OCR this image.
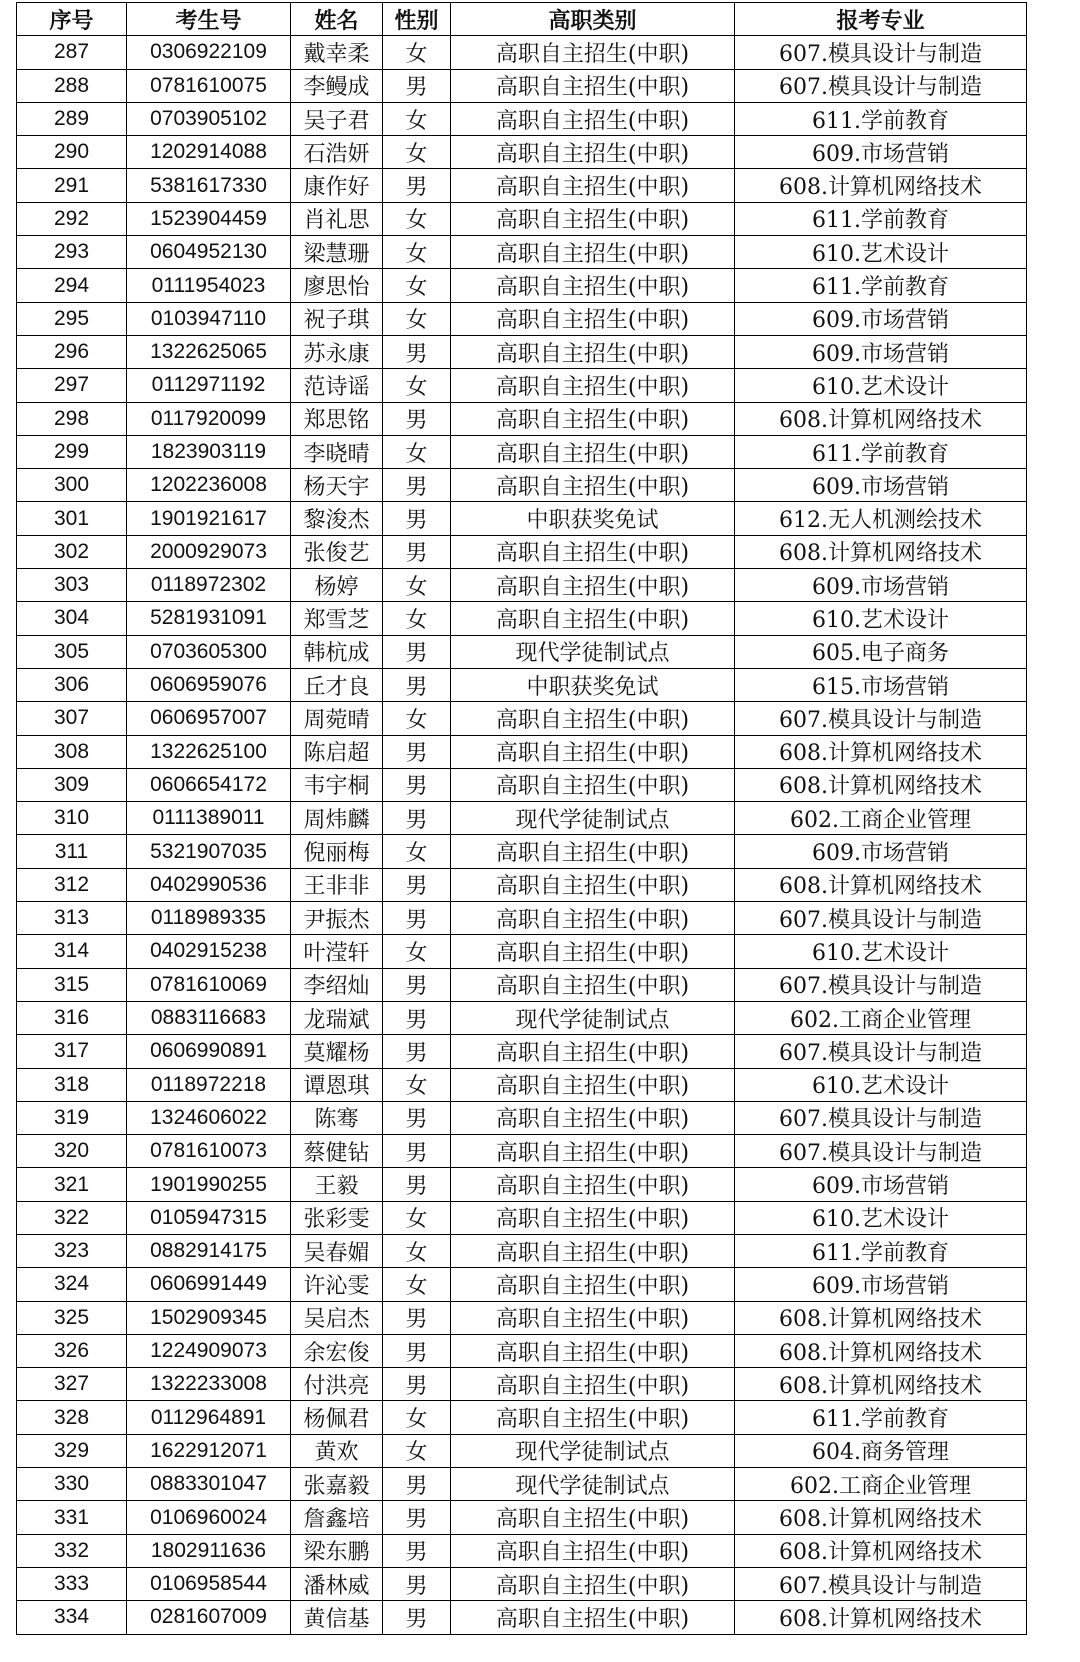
序号	考生号	姓名	性别	高职类别	报考专业
287	0306922109	戴幸柔	女	高职自主招生(中职)	607.模具设计与制造
288	0781610075	李鳗成	男	高职自主招生(中职)	607.模具设计与制造
289	0703905102	吴子君	女	高职自主招生(中职)	611.学前教育
290	1202914088	石浩妍	女	高职自主招生(中职)	609.市场营销
291	5381617330	康作好	男	高职自主招生(中职)	608.计算机网络技术
292	1523904459	肖礼思	女	高职自主招生(中职)	611.学前教育
293	0604952130	梁慧珊	女	高职自主招生(中职)	610.艺术设计
294	0111954023	廖思怡	女	高职自主招生(中职)	611.学前教育
295	0103947110	祝子琪	女	高职自主招生(中职)	609.市场营销
296	1322625065	苏永康	男	高职自主招生(中职)	609.市场营销
297	0112971192	范诗谣	女	高职自主招生(中职)	610.艺术设计
298	0117920099	郑思铭	男	高职自主招生(中职)	608.计算机网络技术
299	1823903119	李晓晴	女	高职自主招生(中职)	611.学前教育
300	1202236008	杨天宇	男	高职自主招生(中职)	609.市场营销
301	1901921617	黎浚杰	男	中职获奖免试	612.无人机测绘技术
302	2000929073	张俊艺	男	高职自主招生(中职)	608.计算机网络技术
303	0118972302	杨婷	女	高职自主招生(中职)	609.市场营销
304	5281931091	郑雪芝	女	高职自主招生(中职)	610.艺术设计
305	0703605300	韩杭成	男	现代学徒制试点	605.电子商务
306	0606959076	丘才良	男	中职获奖免试	615.市场营销
307	0606957007	周菀晴	女	高职自主招生(中职)	607.模具设计与制造
308	1322625100	陈启超	男	高职自主招生(中职)	608.计算机网络技术
309	0606654172	韦宇桐	男	高职自主招生(中职)	608.计算机网络技术
310	0111389011	周炜麟	男	现代学徒制试点	602.工商企业管理
311	5321907035	倪丽梅	女	高职自主招生(中职)	609.市场营销
312	0402990536	王非非	男	高职自主招生(中职)	608.计算机网络技术
313	0118989335	尹振杰	男	高职自主招生(中职)	607.模具设计与制造
314	0402915238	叶滢轩	女	高职自主招生(中职)	610.艺术设计
315	0781610069	李绍灿	男	高职自主招生(中职)	607.模具设计与制造
316	0883116683	龙瑞斌	男	现代学徒制试点	602.工商企业管理
317	0606990891	莫耀杨	男	高职自主招生(中职)	607.模具设计与制造
318	0118972218	谭恩琪	女	高职自主招生(中职)	610.艺术设计
319	1324606022	陈骞	男	高职自主招生(中职)	607.模具设计与制造
320	0781610073	蔡健钻	男	高职自主招生(中职)	607.模具设计与制造
321	1901990255	王毅	男	高职自主招生(中职)	609.市场营销
322	0105947315	张彩雯	女	高职自主招生(中职)	610.艺术设计
323	0882914175	吴春媚	女	高职自主招生(中职)	611.学前教育
324	0606991449	许沁雯	女	高职自主招生(中职)	609.市场营销
325	1502909345	吴启杰	男	高职自主招生(中职)	608.计算机网络技术
326	1224909073	余宏俊	男	高职自主招生(中职)	608.计算机网络技术
327	1322233008	付洪亮	男	高职自主招生(中职)	608.计算机网络技术
328	0112964891	杨佩君	女	高职自主招生(中职)	611.学前教育
329	1622912071	黄欢	女	现代学徒制试点	604.商务管理
330	0883301047	张嘉毅	男	现代学徒制试点	602.工商企业管理
331	0106960024	詹鑫培	男	高职自主招生(中职)	608.计算机网络技术
332	1802911636	梁东鹏	男	高职自主招生(中职)	608.计算机网络技术
333	0106958544	潘林威	男	高职自主招生(中职)	607.模具设计与制造
334	0281607009	黄信基	男	高职自主招生(中职)	608.计算机网络技术
